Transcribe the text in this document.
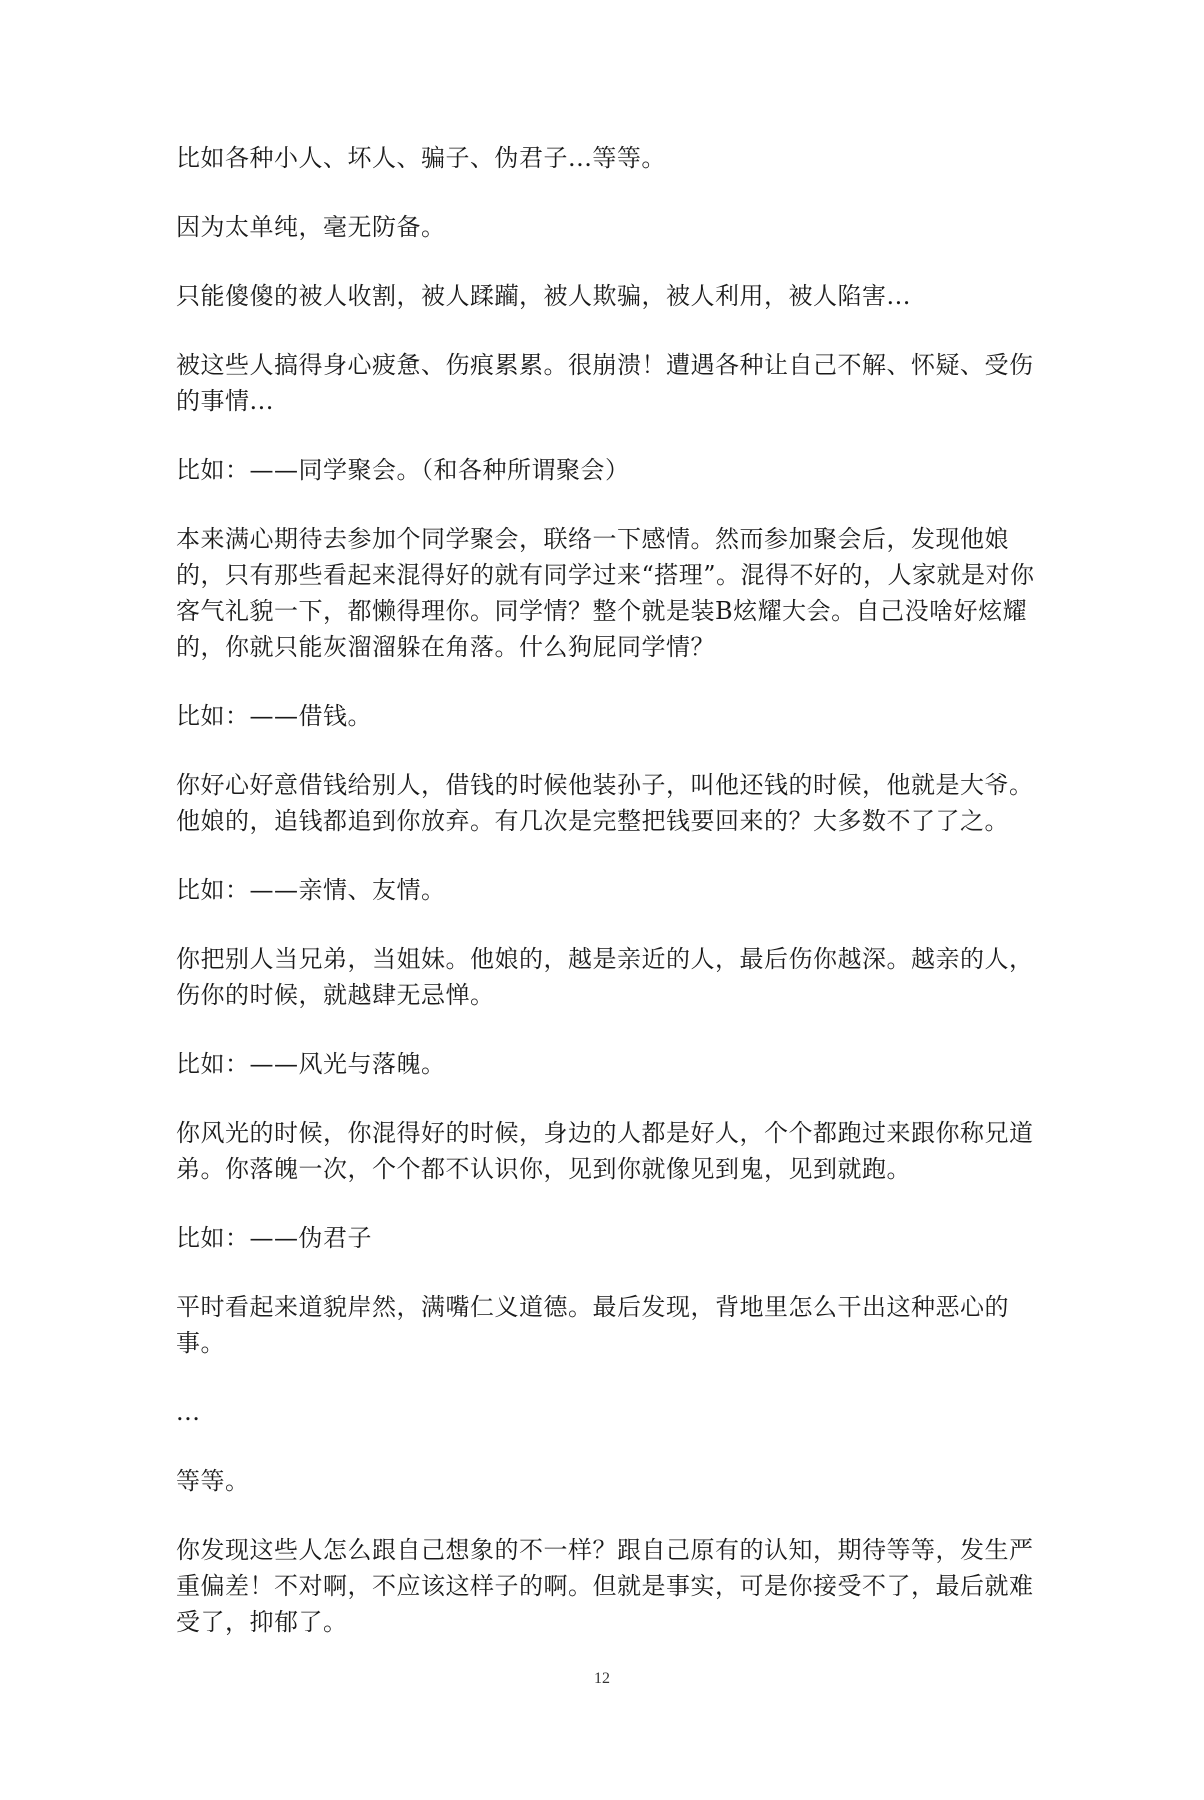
比如各种小人、坏人、骗子、伪君子...等等。

因为太单纯，毫无防备。

只能傻傻的被人收割，被人蹂躏，被人欺骗，被人利用，被人陷害...

被这些人搞得身心疲惫、伤痕累累。很崩溃！遭遇各种让自己不解、怀疑、受伤的事情...

比如：——同学聚会。（和各种所谓聚会）

本来满心期待去参加个同学聚会，联络一下感情。然而参加聚会后，发现他娘的，只有那些看起来混得好的就有同学过来“搭理”。混得不好的，人家就是对你客气礼貌一下，都懒得理你。同学情？整个就是装B炫耀大会。自己没啥好炫耀的，你就只能灰溜溜躲在角落。什么狗屁同学情？

比如：——借钱。

你好心好意借钱给别人，借钱的时候他装孙子，叫他还钱的时候，他就是大爷。他娘的，追钱都追到你放弃。有几次是完整把钱要回来的？大多数不了了之。

比如：——亲情、友情。

你把别人当兄弟，当姐妹。他娘的，越是亲近的人，最后伤你越深。越亲的人，伤你的时候，就越肆无忌惮。

比如：——风光与落魄。

你风光的时候，你混得好的时候，身边的人都是好人，个个都跑过来跟你称兄道弟。你落魄一次，个个都不认识你，见到你就像见到鬼，见到就跑。

比如：——伪君子

平时看起来道貌岸然，满嘴仁义道德。最后发现，背地里怎么干出这种恶心的事。

...

等等。

你发现这些人怎么跟自己想象的不一样？跟自己原有的认知，期待等等，发生严重偏差！不对啊，不应该这样子的啊。但就是事实，可是你接受不了，最后就难受了，抑郁了。

12
